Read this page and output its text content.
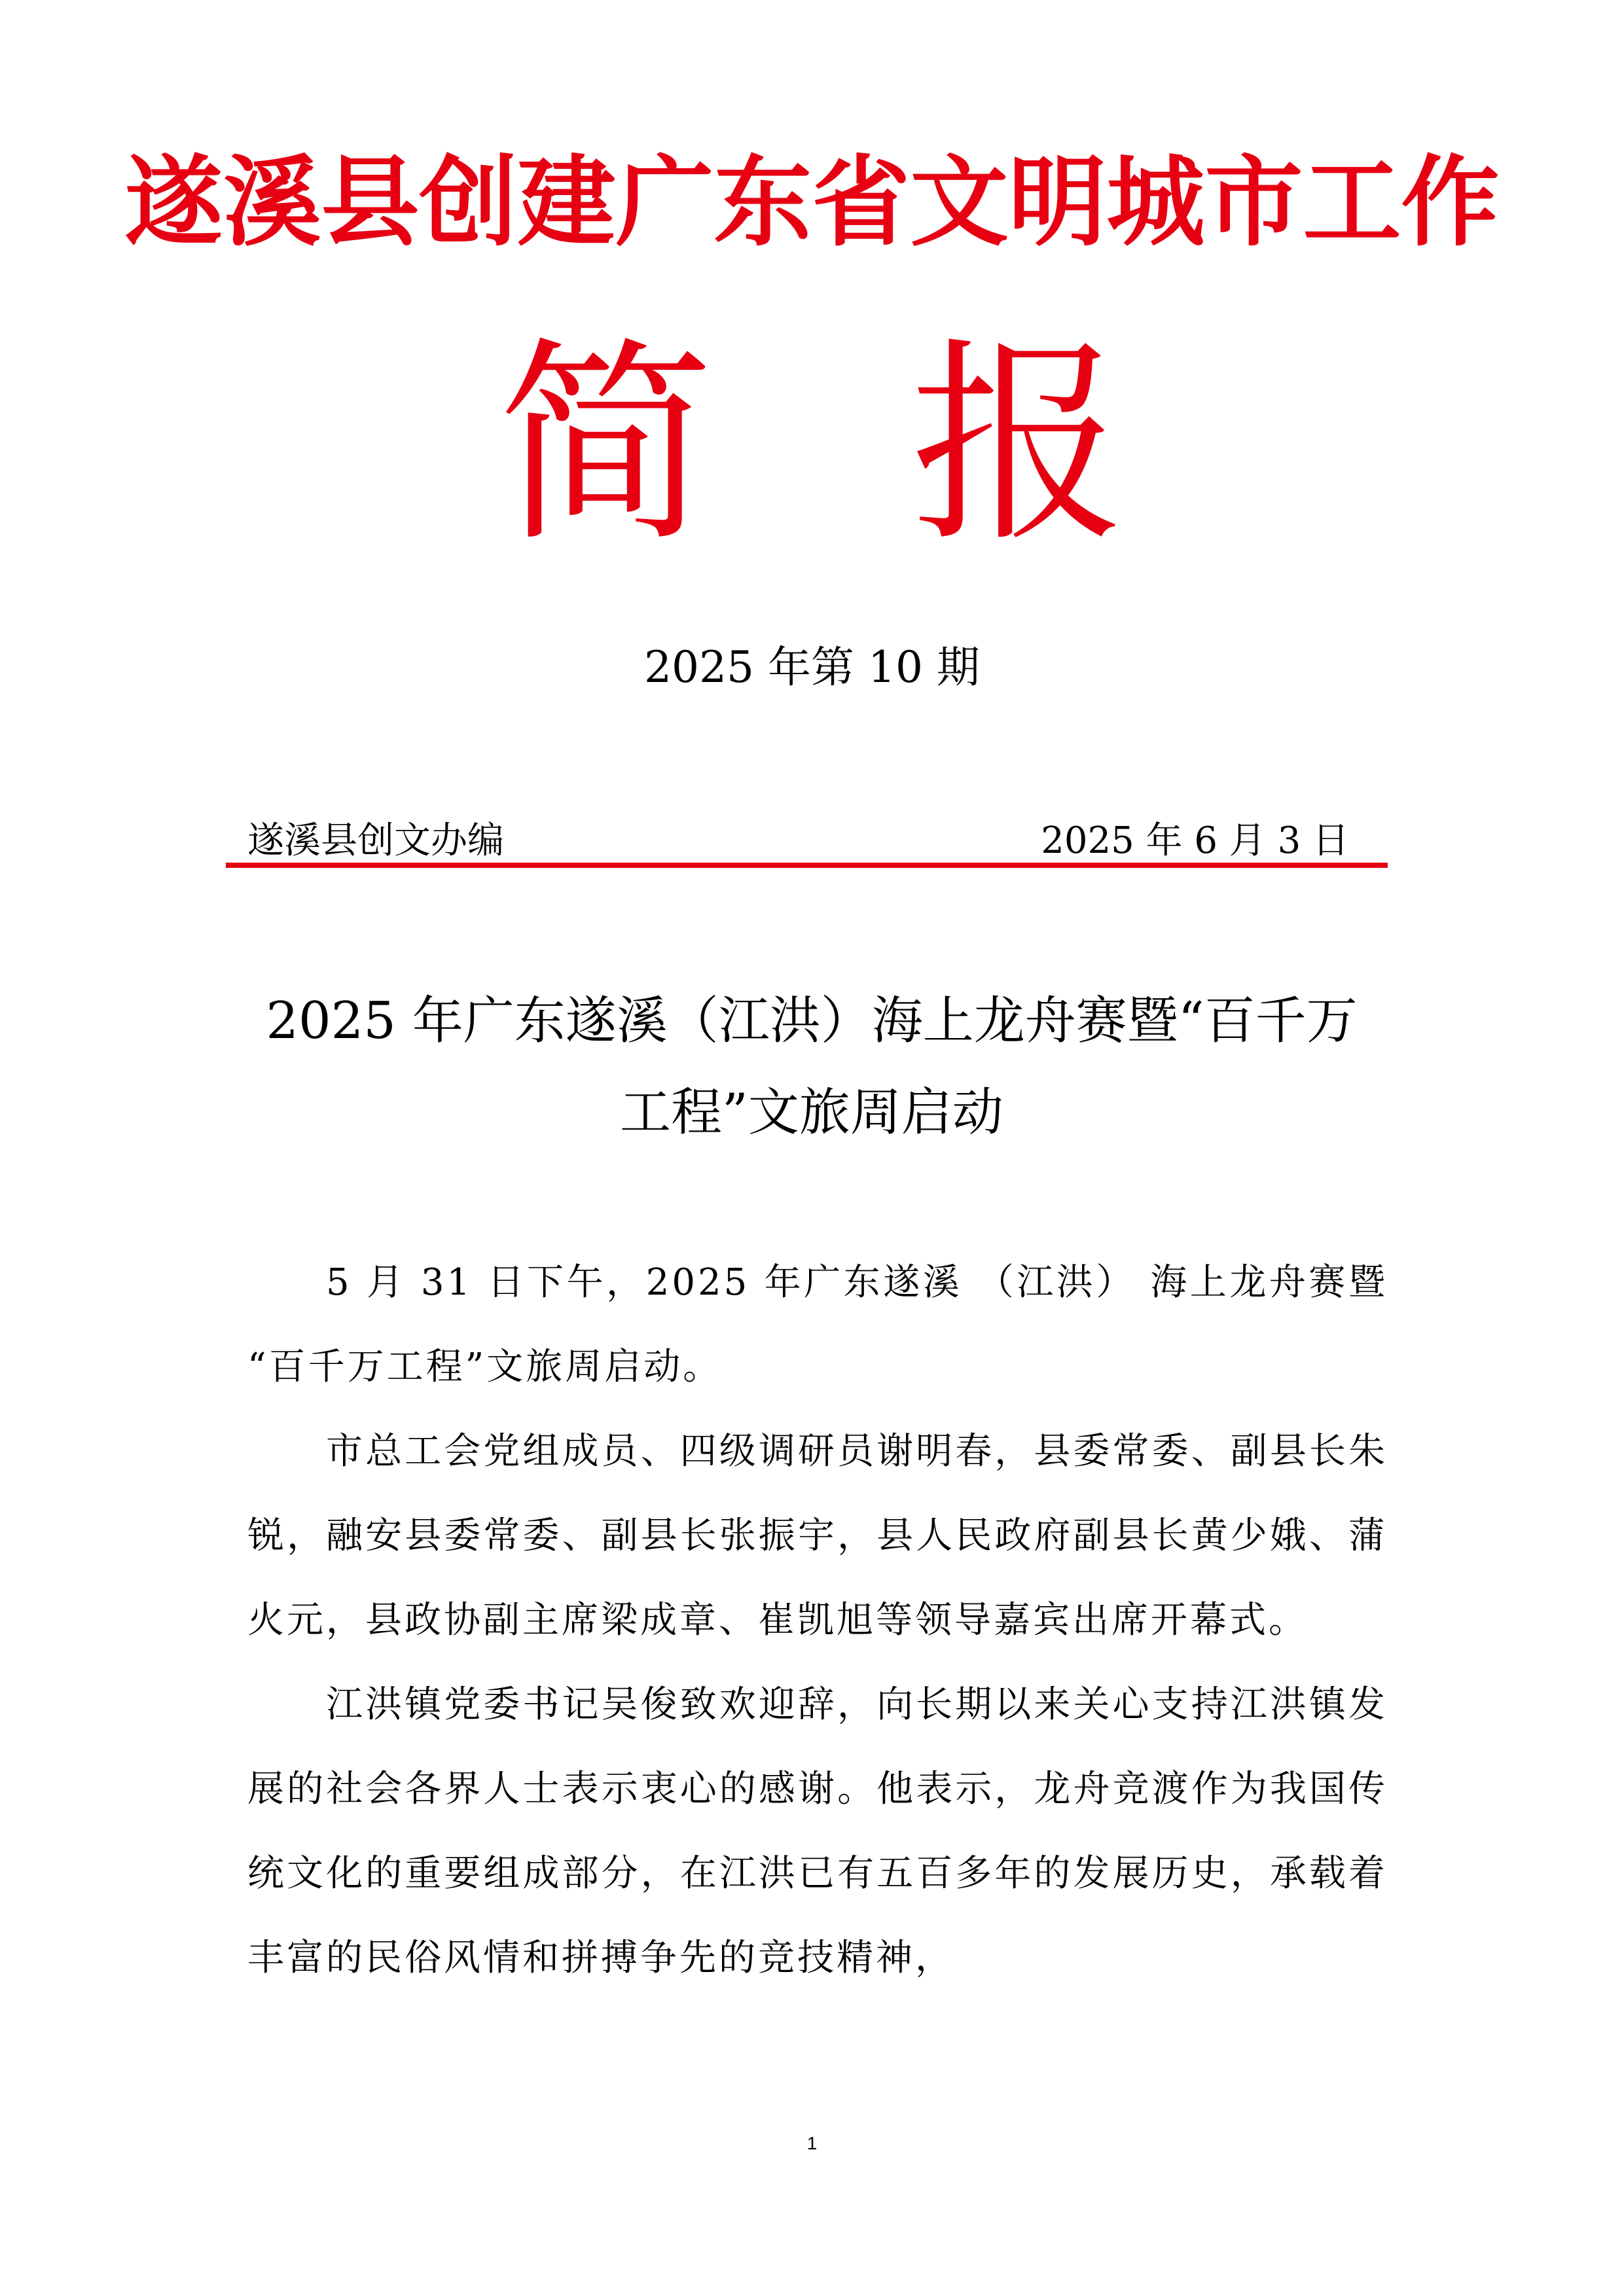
遂溪县创建广东省文明城市工作
简报
2025 年第 10 期
遂溪县创文办编	2025 年 6 月 3 日
2025 年广东遂溪（江洪）海上龙舟赛暨“百千万工程”文旅周启动

5 月 31 日下午，2025 年广东遂溪 （江洪） 海上龙舟赛暨 “百千万工程”文旅周启动。

市总工会党组成员、四级调研员谢明春，县委常委、副县长朱锐，融安县委常委、副县长张振宇，县人民政府副县长黄少娥、蒲火元，县政协副主席梁成章、崔凯旭等领导嘉宾出席开幕式。

江洪镇党委书记吴俊致欢迎辞，向长期以来关心支持江洪镇发展的社会各界人士表示衷心的感谢。他表示，龙舟竞渡作为我国传统文化的重要组成部分，在江洪已有五百多年的发展历史，承载着丰富的民俗风情和拼搏争先的竞技精神，

1
